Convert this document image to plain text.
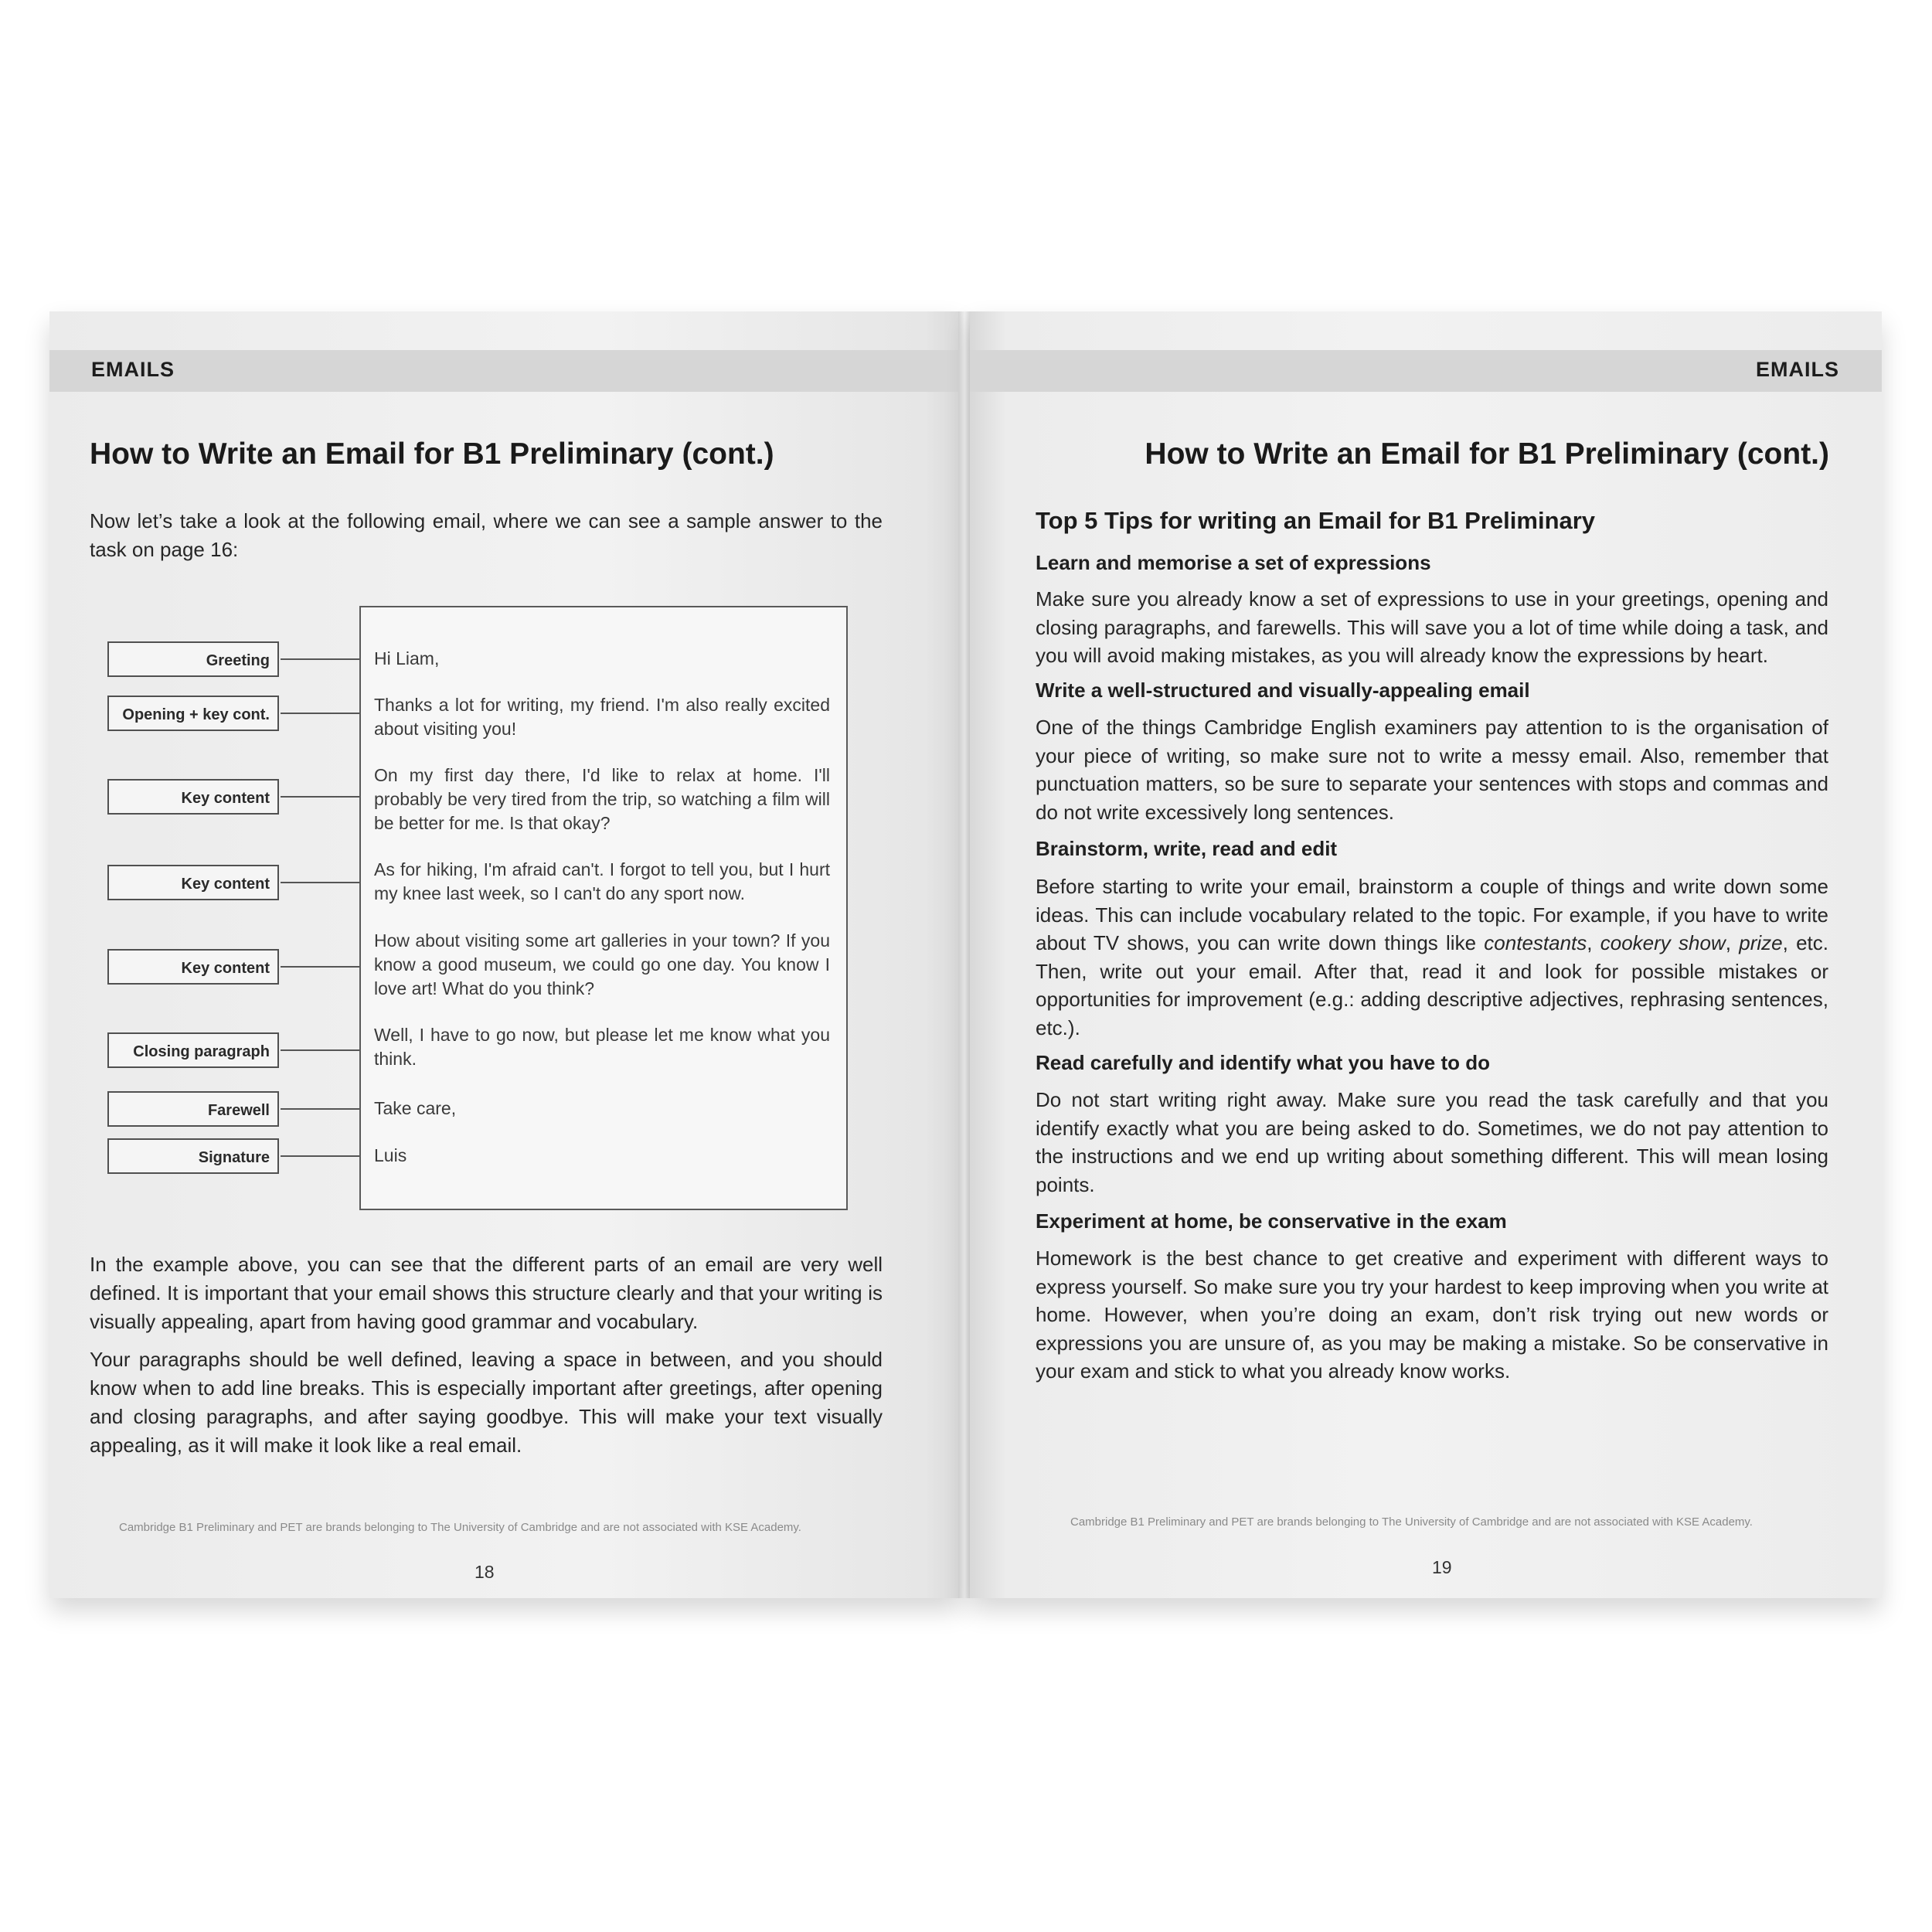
EMAILS
How to Write an Email for B1 Preliminary (cont.)
Now let’s take a look at the following email, where we can see a sample answer to the task on page 16:
Greeting
Opening + key cont.
Key content
Key content
Key content
Closing paragraph
Farewell
Signature
Hi Liam,
Thanks a lot for writing, my friend. I'm also really excited about visiting you!
On my first day there, I'd like to relax at home. I'll probably be very tired from the trip, so watching a film will be better for me. Is that okay?
As for hiking, I'm afraid can't. I forgot to tell you, but I hurt my knee last week, so I can't do any sport now.
How about visiting some art galleries in your town? If you know a good museum, we could go one day. You know I love art! What do you think?
Well, I have to go now, but please let me know what you think.
Take care,
Luis
In the example above, you can see that the different parts of an email are very well defined. It is important that your email shows this structure clearly and that your writing is visually appealing, apart from having good grammar and vocabulary.
Your paragraphs should be well defined, leaving a space in between, and you should know when to add line breaks. This is especially important after greetings, after opening and closing paragraphs, and after saying goodbye. This will make your text visually appealing, as it will make it look like a real email.
Cambridge B1 Preliminary and PET are brands belonging to The University of Cambridge and are not associated with KSE Academy.
18
EMAILS
How to Write an Email for B1 Preliminary (cont.)
Top 5 Tips for writing an Email for B1 Preliminary
Learn and memorise a set of expressions
Make sure you already know a set of expressions to use in your greetings, opening and closing paragraphs, and farewells. This will save you a lot of time while doing a task, and you will avoid making mistakes, as you will already know the expressions by heart.
Write a well-structured and visually-appealing email
One of the things Cambridge English examiners pay attention to is the organisation of your piece of writing, so make sure not to write a messy email. Also, remember that punctuation matters, so be sure to separate your sentences with stops and commas and do not write excessively long sentences.
Brainstorm, write, read and edit
Before starting to write your email, brainstorm a couple of things and write down some ideas. This can include vocabulary related to the topic. For example, if you have to write about TV shows, you can write down things like contestants, cookery show, prize, etc. Then, write out your email. After that, read it and look for possible mistakes or opportunities for improvement (e.g.: adding descriptive adjectives, rephrasing sentences, etc.).
Read carefully and identify what you have to do
Do not start writing right away. Make sure you read the task carefully and that you identify exactly what you are being asked to do. Sometimes, we do not pay attention to the instructions and we end up writing about something different. This will mean losing points.
Experiment at home, be conservative in the exam
Homework is the best chance to get creative and experiment with different ways to express yourself. So make sure you try your hardest to keep improving when you write at home. However, when you’re doing an exam, don’t risk trying out new words or expressions you are unsure of, as you may be making a mistake. So be conservative in your exam and stick to what you already know works.
Cambridge B1 Preliminary and PET are brands belonging to The University of Cambridge and are not associated with KSE Academy.
19
